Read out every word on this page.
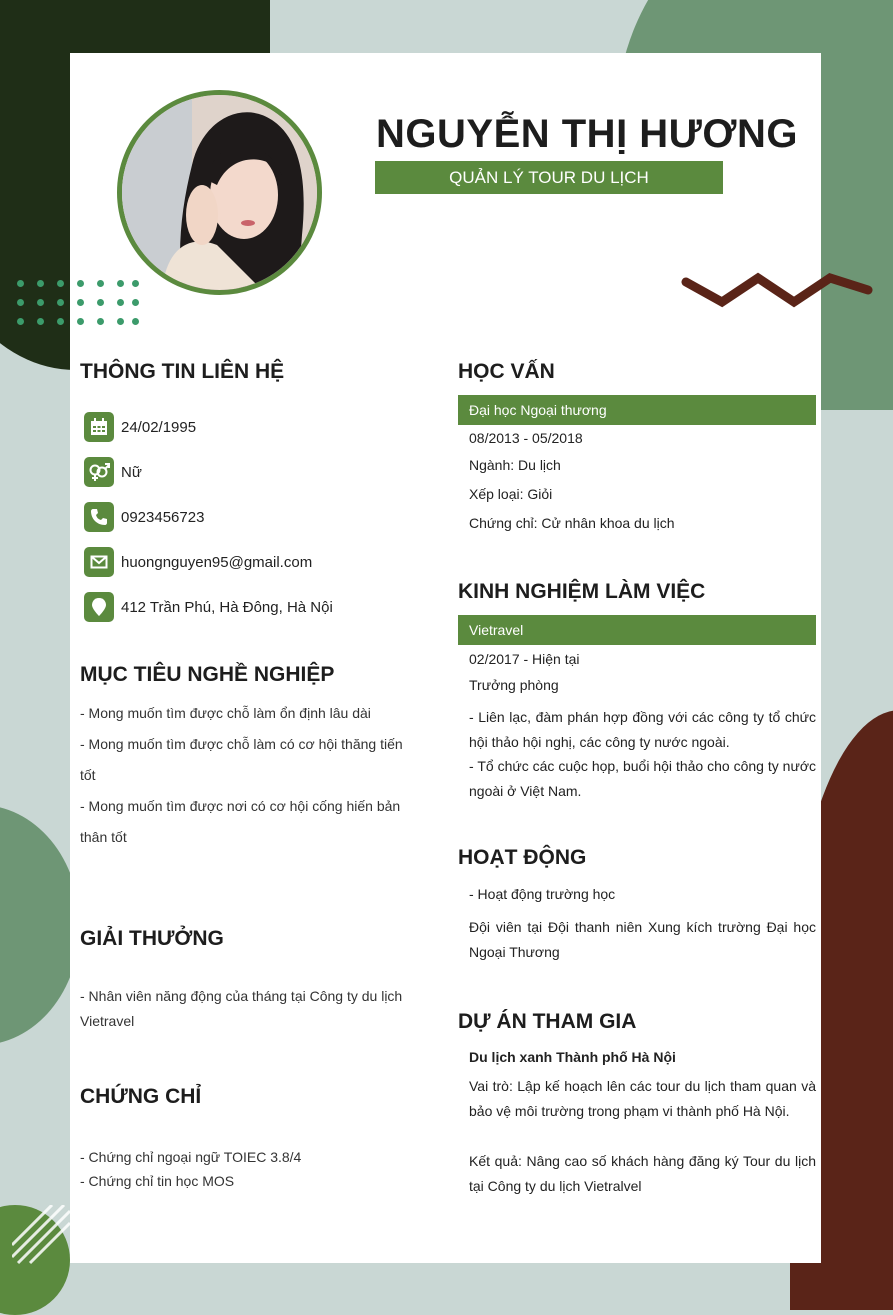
NGUYỄN THỊ HƯƠNG
QUẢN LÝ TOUR DU LỊCH
THÔNG TIN LIÊN HỆ
24/02/1995
Nữ
0923456723
huongnguyen95@gmail.com
412 Trần Phú, Hà Đông, Hà Nội
MỤC TIÊU NGHỀ NGHIỆP
- Mong muốn tìm được chỗ làm ổn định lâu dài
- Mong muốn tìm được chỗ làm có cơ hội thăng tiến
tốt
- Mong muốn tìm được nơi có cơ hội cống hiến bản
thân tốt
GIẢI THƯỞNG
- Nhân viên năng động của tháng tại Công ty du lịch
Vietravel
CHỨNG CHỈ
- Chứng chỉ ngoại ngữ TOIEC 3.8/4
- Chứng chỉ tin học MOS
HỌC VẤN
Đại học Ngoại thương
08/2013 - 05/2018
Ngành: Du lịch
Xếp loại: Giỏi
Chứng chỉ: Cử nhân khoa du lịch
KINH NGHIỆM LÀM VIỆC
Vietravel
02/2017 - Hiện tại
Trưởng phòng
- Liên lạc, đàm phán hợp đồng với các công ty tổ chức hội thảo hội nghị, các công ty nước ngoài.
- Tổ chức các cuộc họp, buổi hội thảo cho công ty nước ngoài ở Việt Nam.
HOẠT ĐỘNG
- Hoạt động trường học
Đội viên tại Đội thanh niên Xung kích trường Đại học Ngoại Thương
DỰ ÁN THAM GIA
Du lịch xanh Thành phố Hà Nội
Vai trò: Lập kế hoạch lên các tour du lịch tham quan và bảo vệ môi trường trong phạm vi thành phố Hà Nội.
Kết quả: Nâng cao số khách hàng đăng ký Tour du lịch tại Công ty du lịch Vietralvel
